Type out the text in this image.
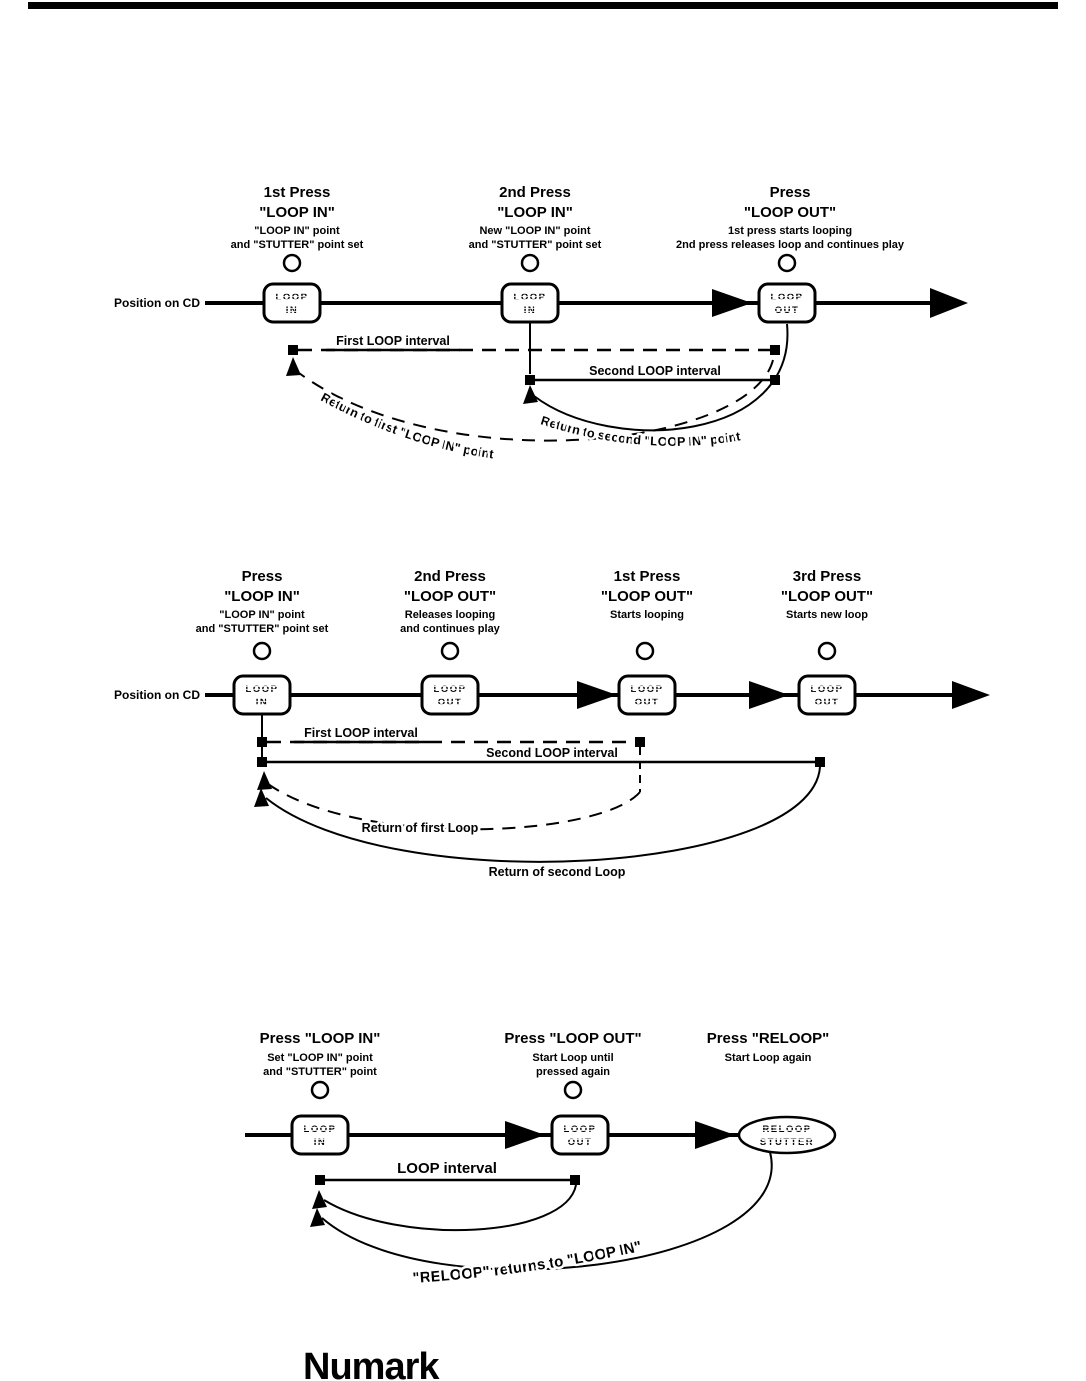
1st Press
"LOOP IN"
"LOOP IN" point
and "STUTTER" point set
2nd Press
"LOOP IN"
New "LOOP IN" point
and "STUTTER" point set
Press
"LOOP OUT"
1st press starts looping
2nd press releases loop and continues play
Position on CD
First LOOP interval
Second LOOP interval
Return to first "LOOP IN" point
Return to second "LOOP IN" point
LOOP
IN
LOOP
IN
LOOP
OUT
Press
"LOOP IN"
"LOOP IN" point
and "STUTTER" point set
2nd Press
"LOOP OUT"
Releases looping
and continues play
1st Press
"LOOP OUT"
Starts looping
3rd Press
"LOOP OUT"
Starts new loop
Position on CD
First LOOP interval
Second LOOP interval
Return of first Loop
Return of second Loop
LOOP
IN
LOOP
OUT
LOOP
OUT
LOOP
OUT
Press "LOOP IN"
Set "LOOP IN" point
and "STUTTER" point
Press "LOOP OUT"
Start Loop until
pressed again
Press "RELOOP"
Start Loop again
LOOP interval
"RELOOP" returns to "LOOP IN"
LOOP
IN
LOOP
OUT
RELOOP
STUTTER
Numark
